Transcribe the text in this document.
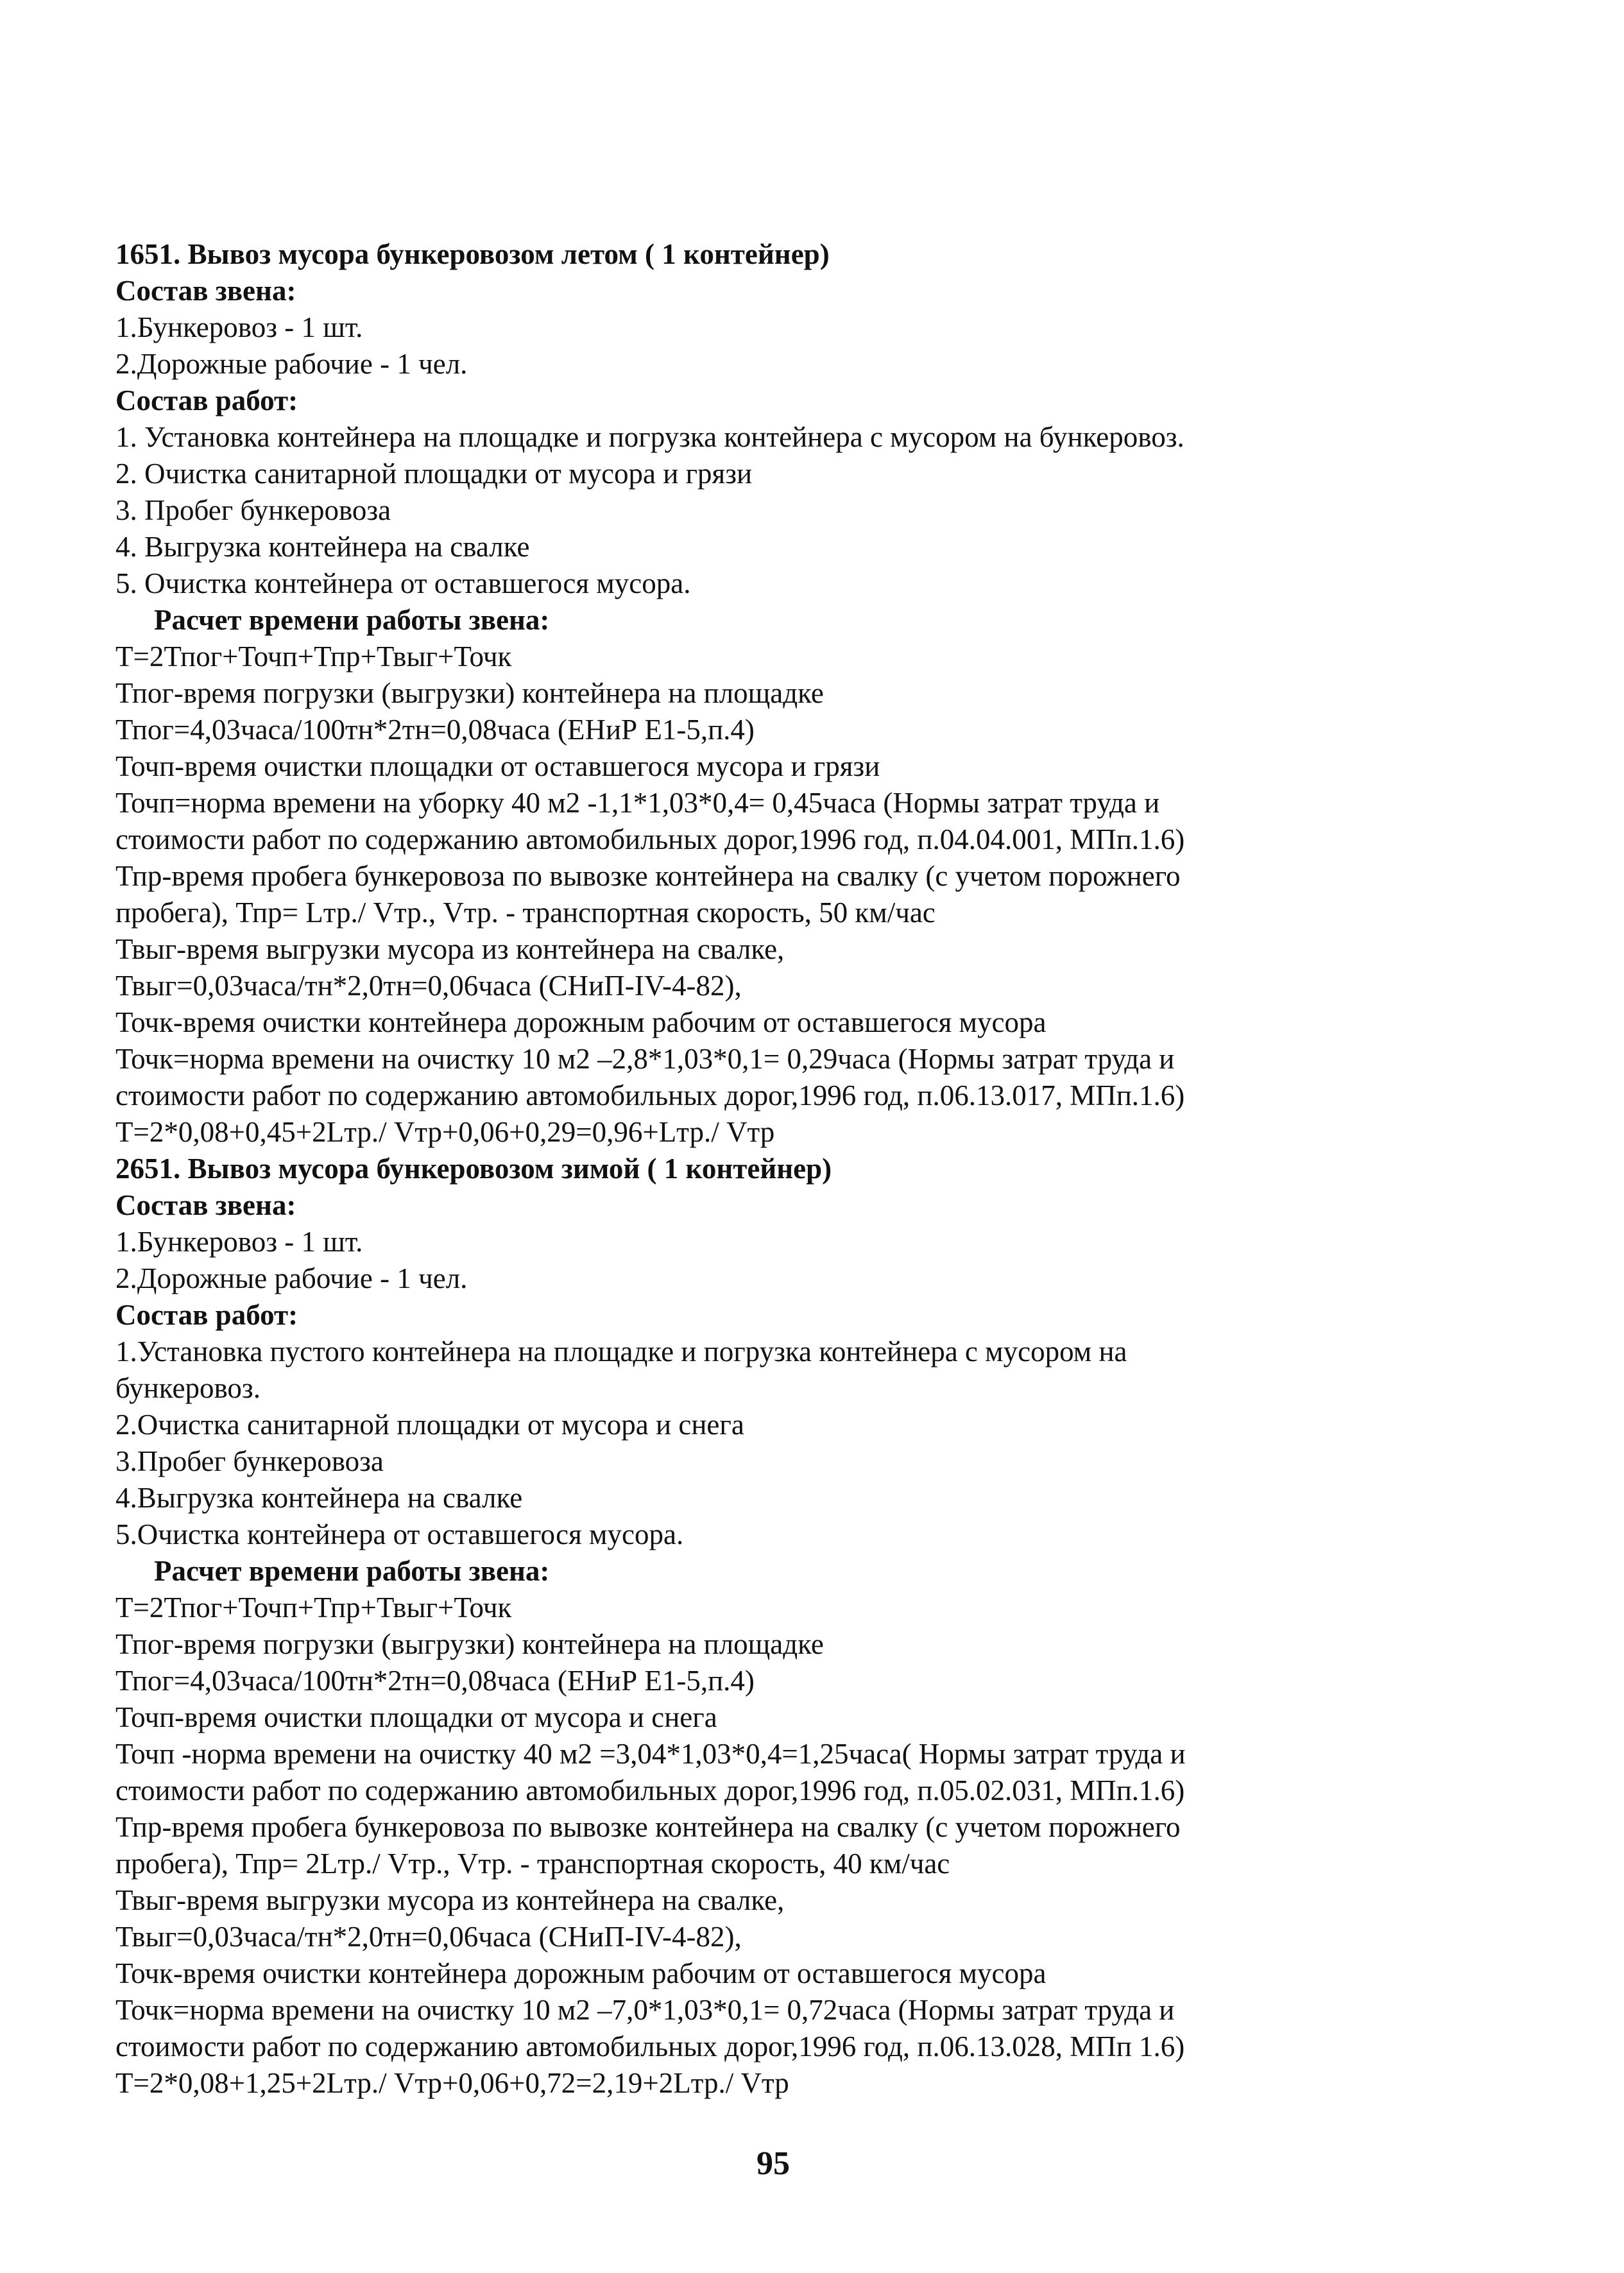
1651. Вывоз мусора бункеровозом летом ( 1 контейнер)
Состав звена:
1.Бункеровоз - 1 шт.
2.Дорожные рабочие - 1 чел.
Состав работ:
1. Установка контейнера на площадке и погрузка контейнера с мусором на бункеровоз.
2. Очистка санитарной площадки от мусора и грязи
3. Пробег бункеровоза
4. Выгрузка контейнера на свалке
5. Очистка контейнера от оставшегося мусора.
Расчет времени работы звена:
Т=2Тпог+Точп+Тпр+Твыг+Точк
Тпог-время погрузки (выгрузки) контейнера на площадке
Тпог=4,03часа/100тн*2тн=0,08часа (ЕНиР Е1-5,п.4)
Точп-время очистки площадки от оставшегося мусора и грязи
Точп=норма времени на уборку 40 м2 -1,1*1,03*0,4= 0,45часа (Нормы затрат труда и
стоимости работ по содержанию автомобильных дорог,1996 год, п.04.04.001, МПп.1.6)
Тпр-время пробега бункеровоза по вывозке контейнера на свалку (с учетом порожнего
пробега), Тпр= Lтр./ Vтр., Vтр. - транспортная скорость, 50 км/час
Твыг-время выгрузки мусора из контейнера на свалке,
Твыг=0,03часа/тн*2,0тн=0,06часа (СНиП-IV-4-82),
Точк-время очистки контейнера дорожным рабочим от оставшегося мусора
Точк=норма времени на очистку 10 м2 –2,8*1,03*0,1= 0,29часа (Нормы затрат труда и
стоимости работ по содержанию автомобильных дорог,1996 год, п.06.13.017, МПп.1.6)
Т=2*0,08+0,45+2Lтр./ Vтр+0,06+0,29=0,96+Lтр./ Vтр
2651. Вывоз мусора бункеровозом зимой ( 1 контейнер)
Состав звена:
1.Бункеровоз - 1 шт.
2.Дорожные рабочие - 1 чел.
Состав работ:
1.Установка пустого контейнера на площадке и погрузка контейнера с мусором на
бункеровоз.
2.Очистка санитарной площадки от мусора и снега
3.Пробег бункеровоза
4.Выгрузка контейнера на свалке
5.Очистка контейнера от оставшегося мусора.
Расчет времени работы звена:
Т=2Тпог+Точп+Тпр+Твыг+Точк
Тпог-время погрузки (выгрузки) контейнера на площадке
Тпог=4,03часа/100тн*2тн=0,08часа (ЕНиР Е1-5,п.4)
Точп-время очистки площадки от мусора и снега
Точп -норма времени на очистку 40 м2 =3,04*1,03*0,4=1,25часа( Нормы затрат труда и
стоимости работ по содержанию автомобильных дорог,1996 год, п.05.02.031, МПп.1.6)
Тпр-время пробега бункеровоза по вывозке контейнера на свалку (с учетом порожнего
пробега), Тпр= 2Lтр./ Vтр., Vтр. - транспортная скорость, 40 км/час
Твыг-время выгрузки мусора из контейнера на свалке,
Твыг=0,03часа/тн*2,0тн=0,06часа (СНиП-IV-4-82),
Точк-время очистки контейнера дорожным рабочим от оставшегося мусора
Точк=норма времени на очистку 10 м2 –7,0*1,03*0,1= 0,72часа (Нормы затрат труда и
стоимости работ по содержанию автомобильных дорог,1996 год, п.06.13.028, МПп 1.6)
Т=2*0,08+1,25+2Lтр./ Vтр+0,06+0,72=2,19+2Lтр./ Vтр
95
